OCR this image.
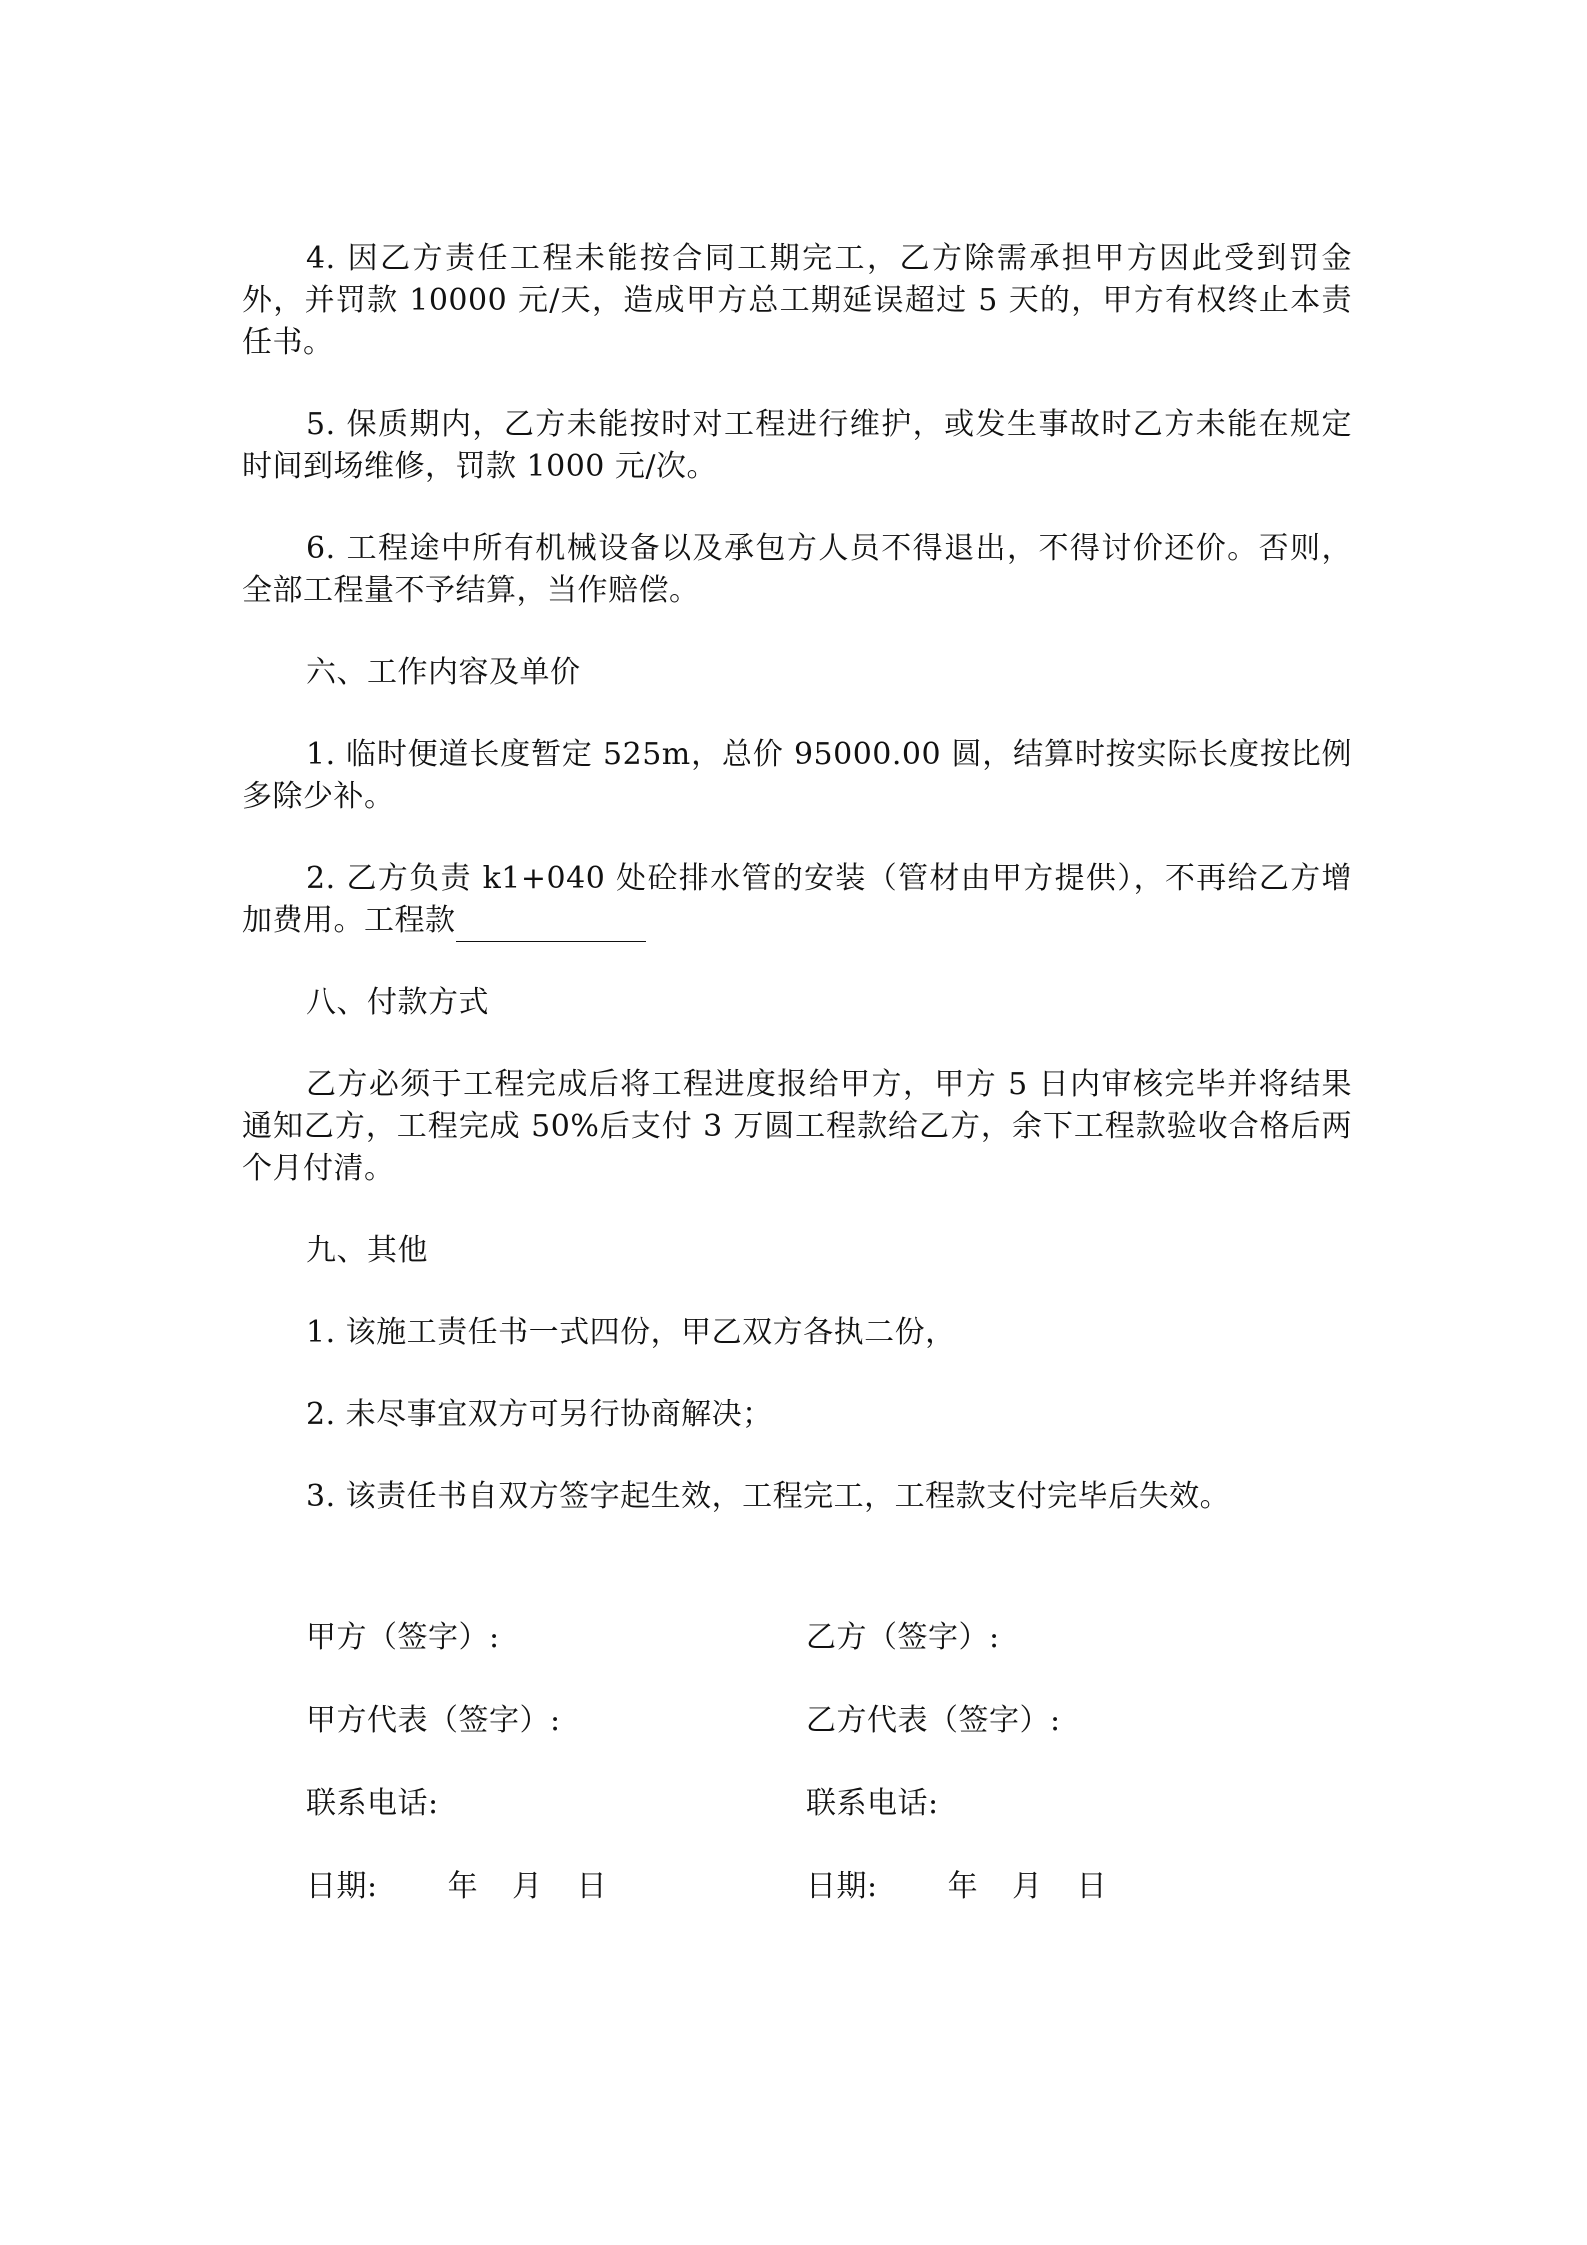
4. 因乙方责任工程未能按合同工期完工，乙方除需承担甲方因此受到罚金外，并罚款 10000 元/天，造成甲方总工期延误超过 5 天的，甲方有权终止本责任书。

5. 保质期内，乙方未能按时对工程进行维护，或发生事故时乙方未能在规定时间到场维修，罚款 1000 元/次。

6. 工程途中所有机械设备以及承包方人员不得退出，不得讨价还价。否则，全部工程量不予结算，当作赔偿。

六、工作内容及单价

1. 临时便道长度暂定 525m，总价 95000.00 圆，结算时按实际长度按比例多除少补。

2. 乙方负责 k1+040 处砼排水管的安装（管材由甲方提供），不再给乙方增加费用。工程款

八、付款方式

乙方必须于工程完成后将工程进度报给甲方，甲方 5 日内审核完毕并将结果通知乙方，工程完成 50%后支付 3 万圆工程款给乙方，余下工程款验收合格后两个月付清。

九、其他

1. 该施工责任书一式四份，甲乙双方各执二份，

2. 未尽事宜双方可另行协商解决；

3. 该责任书自双方签字起生效，工程完工，工程款支付完毕后失效。

甲方（签字）:	乙方（签字）:
甲方代表（签字）:	乙方代表（签字）:
联系电话:	联系电话:
日期: 年 月 日	日期: 年 月 日
